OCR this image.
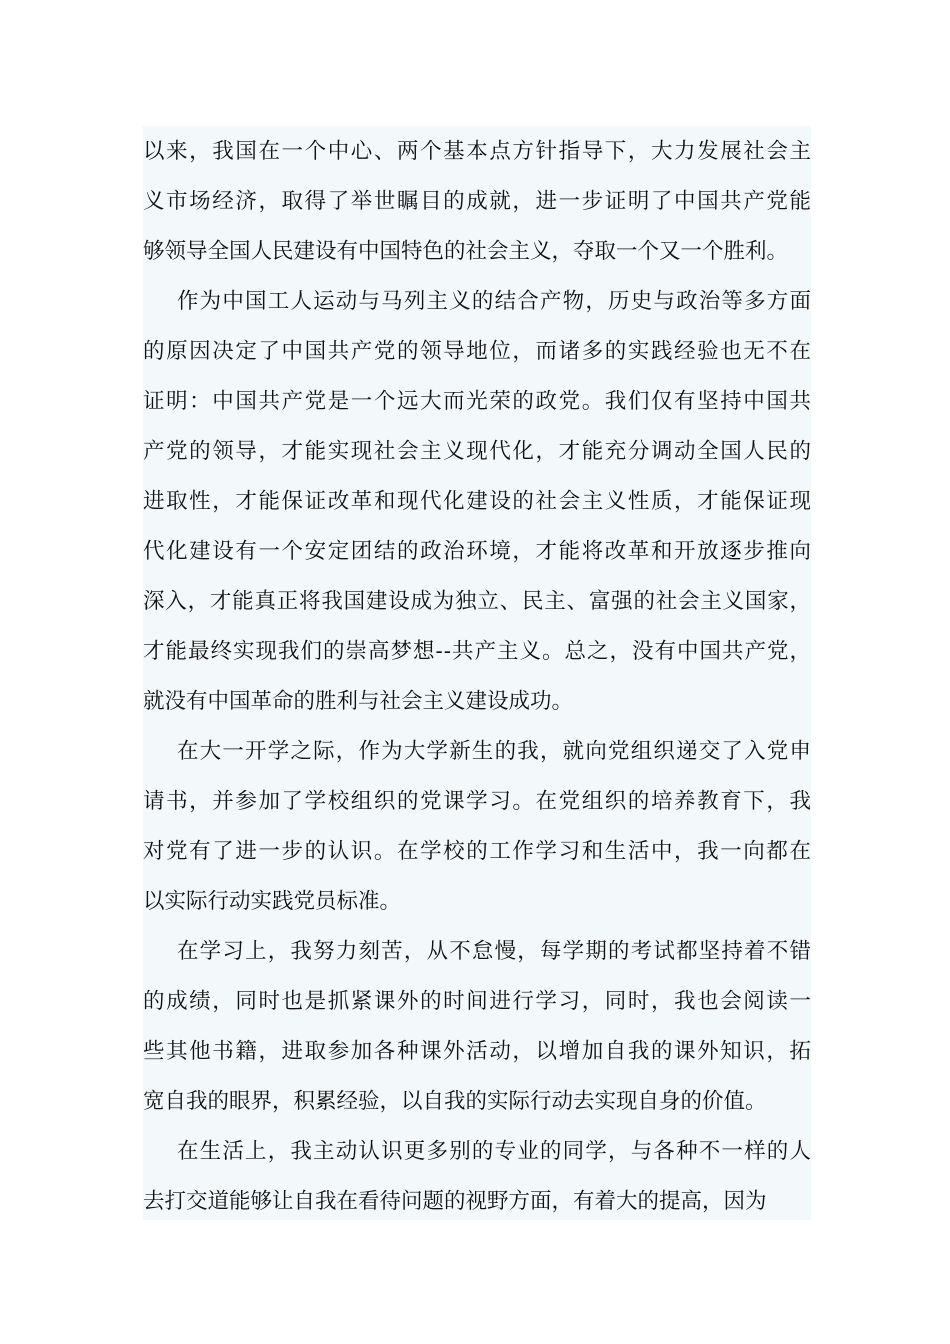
以来，我国在一个中心、两个基本点方针指导下，大力发展社会主
义市场经济，取得了举世瞩目的成就，进一步证明了中国共产党能
够领导全国人民建设有中国特色的社会主义，夺取一个又一个胜利。
作为中国工人运动与马列主义的结合产物，历史与政治等多方面
的原因决定了中国共产党的领导地位，而诸多的实践经验也无不在
证明：中国共产党是一个远大而光荣的政党。我们仅有坚持中国共
产党的领导，才能实现社会主义现代化，才能充分调动全国人民的
进取性，才能保证改革和现代化建设的社会主义性质，才能保证现
代化建设有一个安定团结的政治环境，才能将改革和开放逐步推向
深入，才能真正将我国建设成为独立、民主、富强的社会主义国家，
才能最终实现我们的崇高梦想--共产主义。总之，没有中国共产党，
就没有中国革命的胜利与社会主义建设成功。
在大一开学之际，作为大学新生的我，就向党组织递交了入党申
请书，并参加了学校组织的党课学习。在党组织的培养教育下，我
对党有了进一步的认识。在学校的工作学习和生活中，我一向都在
以实际行动实践党员标准。
在学习上，我努力刻苦，从不怠慢，每学期的考试都坚持着不错
的成绩，同时也是抓紧课外的时间进行学习，同时，我也会阅读一
些其他书籍，进取参加各种课外活动，以增加自我的课外知识，拓
宽自我的眼界，积累经验，以自我的实际行动去实现自身的价值。
在生活上，我主动认识更多别的专业的同学，与各种不一样的人
去打交道能够让自我在看待问题的视野方面，有着大的提高，因为
